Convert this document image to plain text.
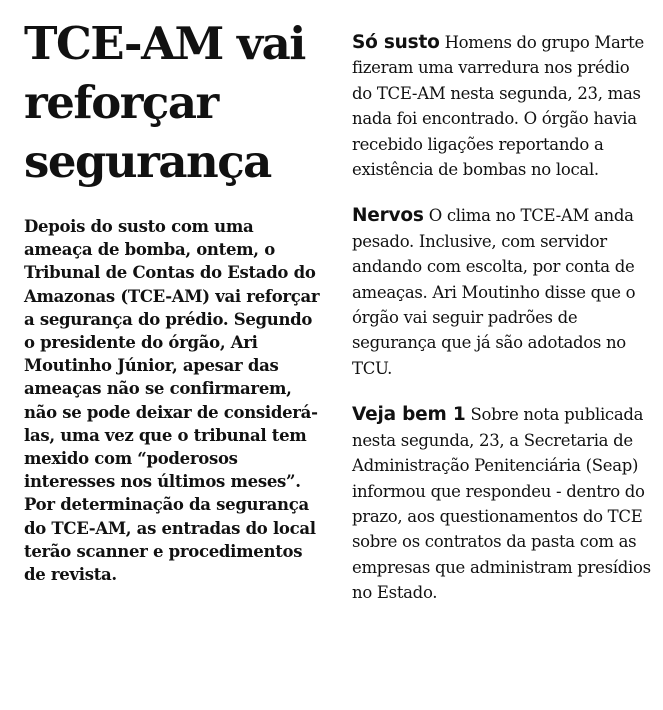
TCE-AM vai reforçar segurança

Depois do susto com uma ameaça de bomba, ontem, o Tribunal de Contas do Estado do Amazonas (TCE-AM) vai reforçar a segurança do prédio. Segundo o presidente do órgão, Ari Moutinho Júnior, apesar das ameaças não se confirmarem, não se pode deixar de considerá-las, uma vez que o tribunal tem mexido com “poderosos interesses nos últimos meses”. Por determinação da segurança do TCE-AM, as entradas do local terão scanner e procedimentos de revista.

Só susto Homens do grupo Marte fizeram uma varredura nos prédio do TCE-AM nesta segunda, 23, mas nada foi encontrado. O órgão havia recebido ligações reportando a existência de bombas no local.

Nervos O clima no TCE-AM anda pesado. Inclusive, com servidor andando com escolta, por conta de ameaças. Ari Moutinho disse que o órgão vai seguir padrões de segurança que já são adotados no TCU.

Veja bem 1 Sobre nota publicada nesta segunda, 23, a Secretaria de Administração Penitenciária (Seap) informou que respondeu - dentro do prazo, aos questionamentos do TCE sobre os contratos da pasta com as empresas que administram presídios no Estado.
